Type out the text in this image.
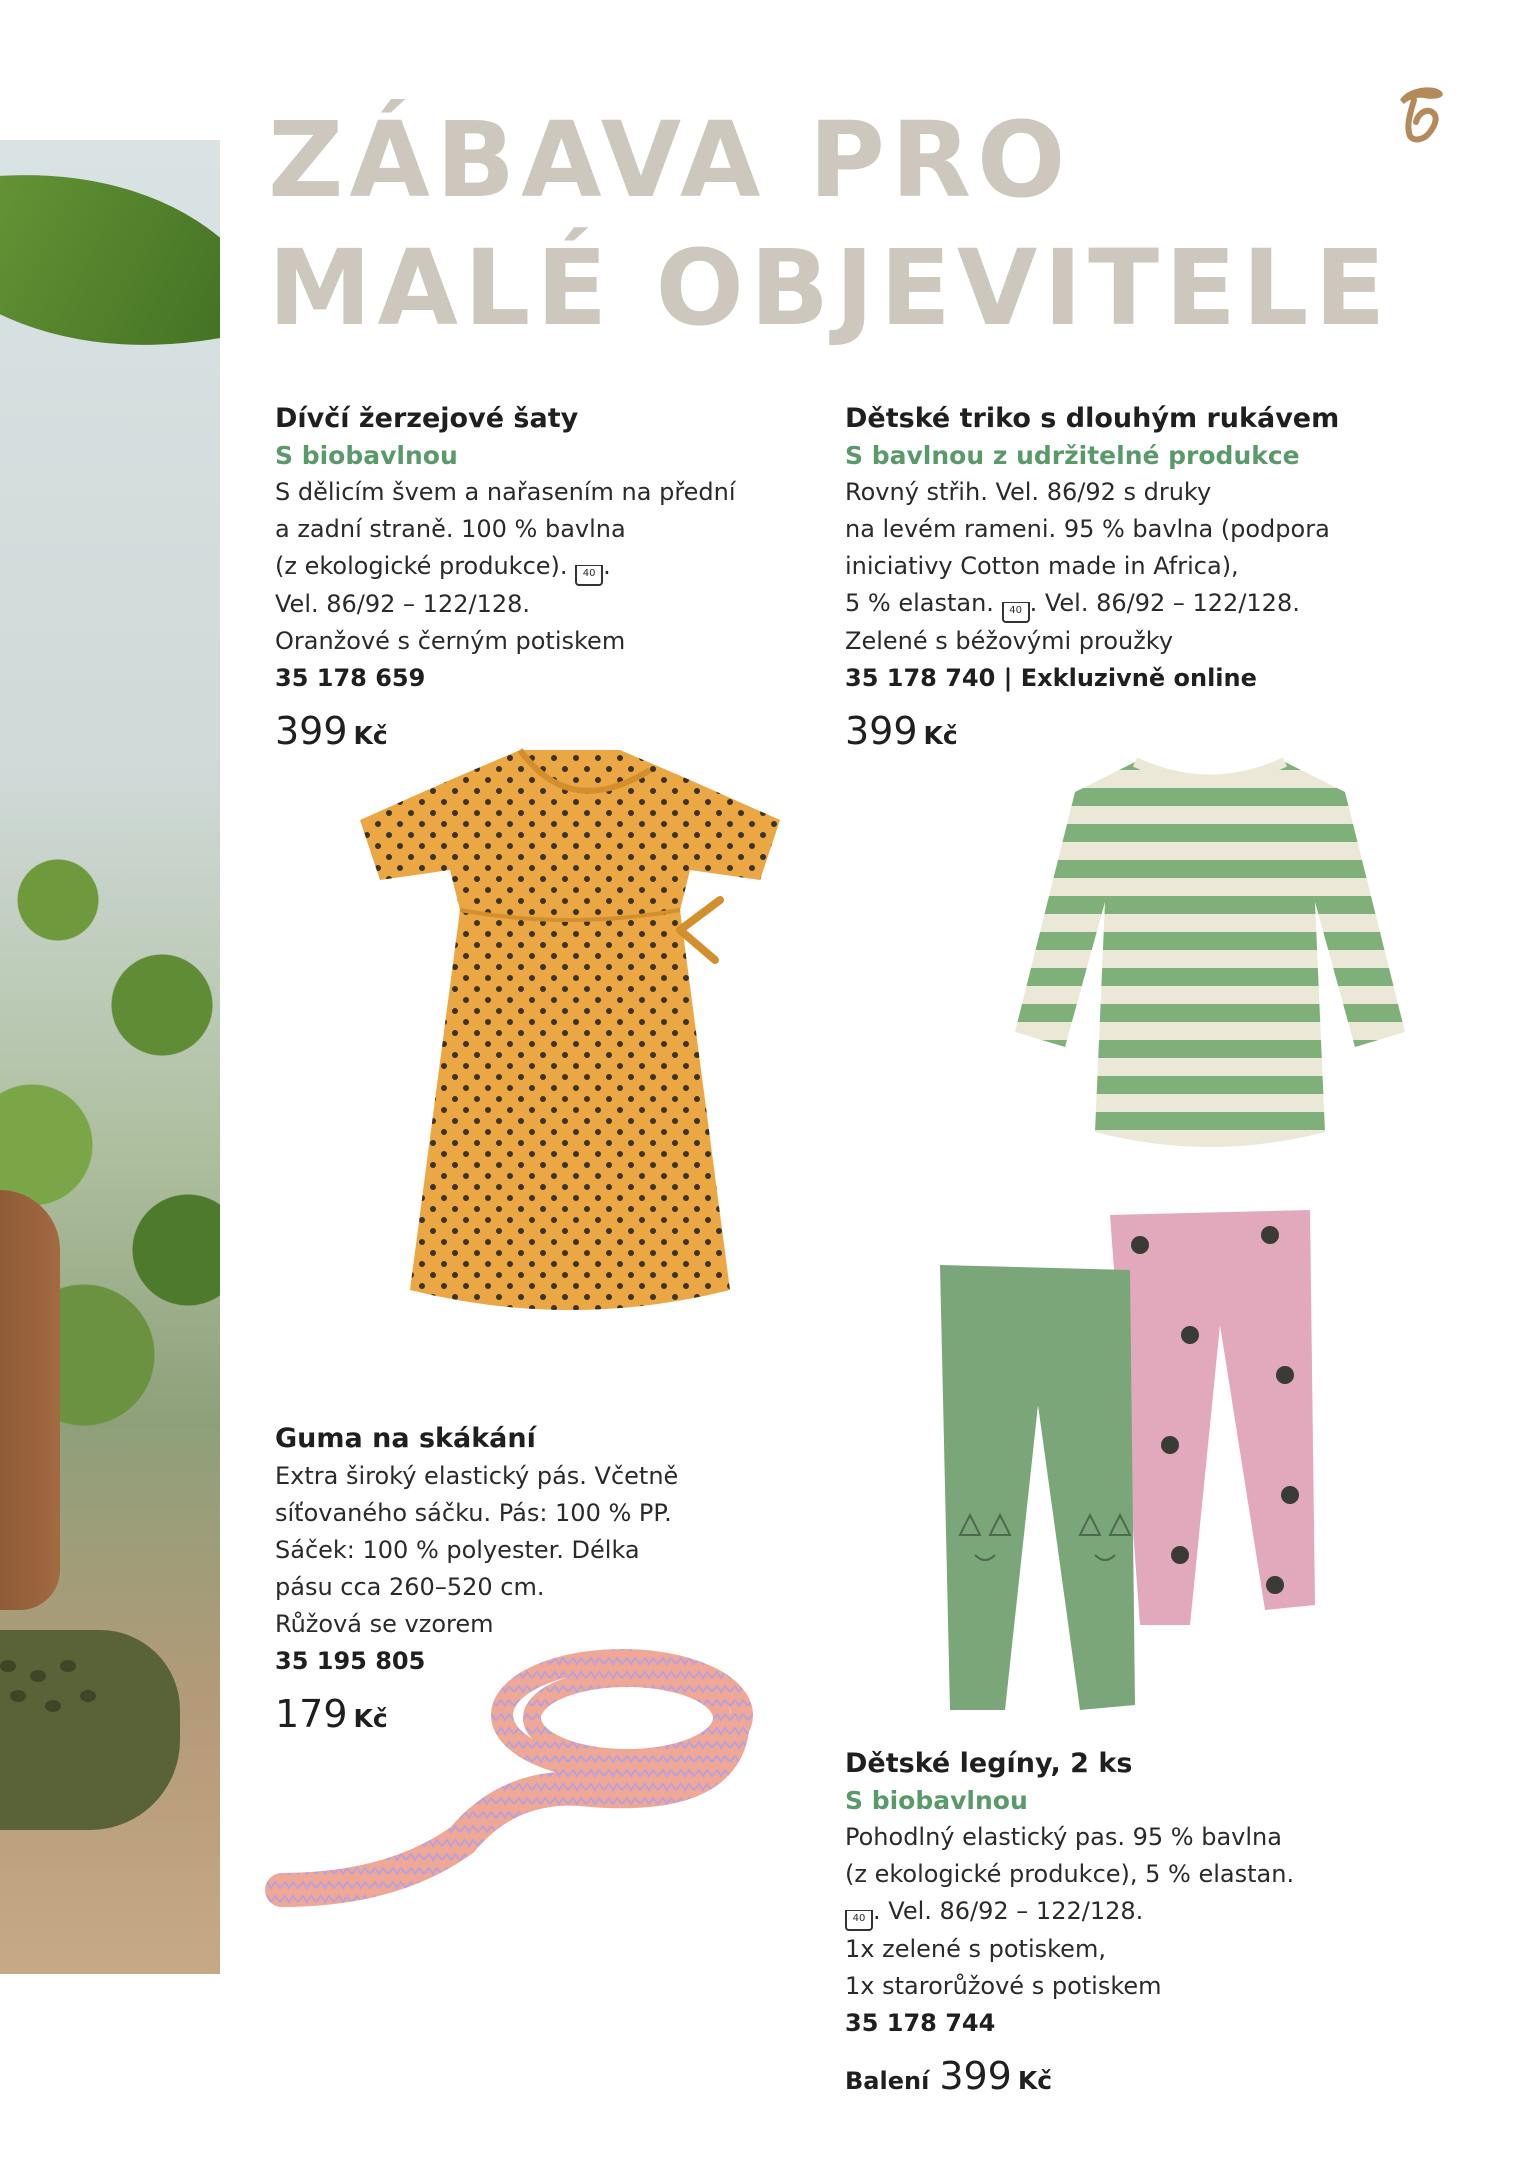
ZÁBAVA PRO
MALÉ OBJEVITELE
Dívčí žerzejové šaty
S biobavlnou
S dělicím švem a nařasením na přední
a zadní straně. 100 % bavlna
(z ekologické produkce). 40 .
Vel. 86/92 – 122/128.
Oranžové s černým potiskem
35 178 659
399 Kč
Dětské triko s dlouhým rukávem
S bavlnou z udržitelné produkce
Rovný střih. Vel. 86/92 s druky
na levém rameni. 95 % bavlna (podpora
iniciativy Cotton made in Africa),
5 % elastan. 40 . Vel. 86/92 – 122/128.
Zelené s béžovými proužky
35 178 740 | Exkluzivně online
399 Kč
Guma na skákání
Extra široký elastický pás. Včetně
síťovaného sáčku. Pás: 100 % PP.
Sáček: 100 % polyester. Délka
pásu cca 260–520 cm.
Růžová se vzorem
35 195 805
179 Kč
Dětské legíny, 2 ks
S biobavlnou
Pohodlný elastický pas. 95 % bavlna
(z ekologické produkce), 5 % elastan.
40 . Vel. 86/92 – 122/128.
1x zelené s potiskem,
1x starorůžové s potiskem
35 178 744
Balení 399 Kč
